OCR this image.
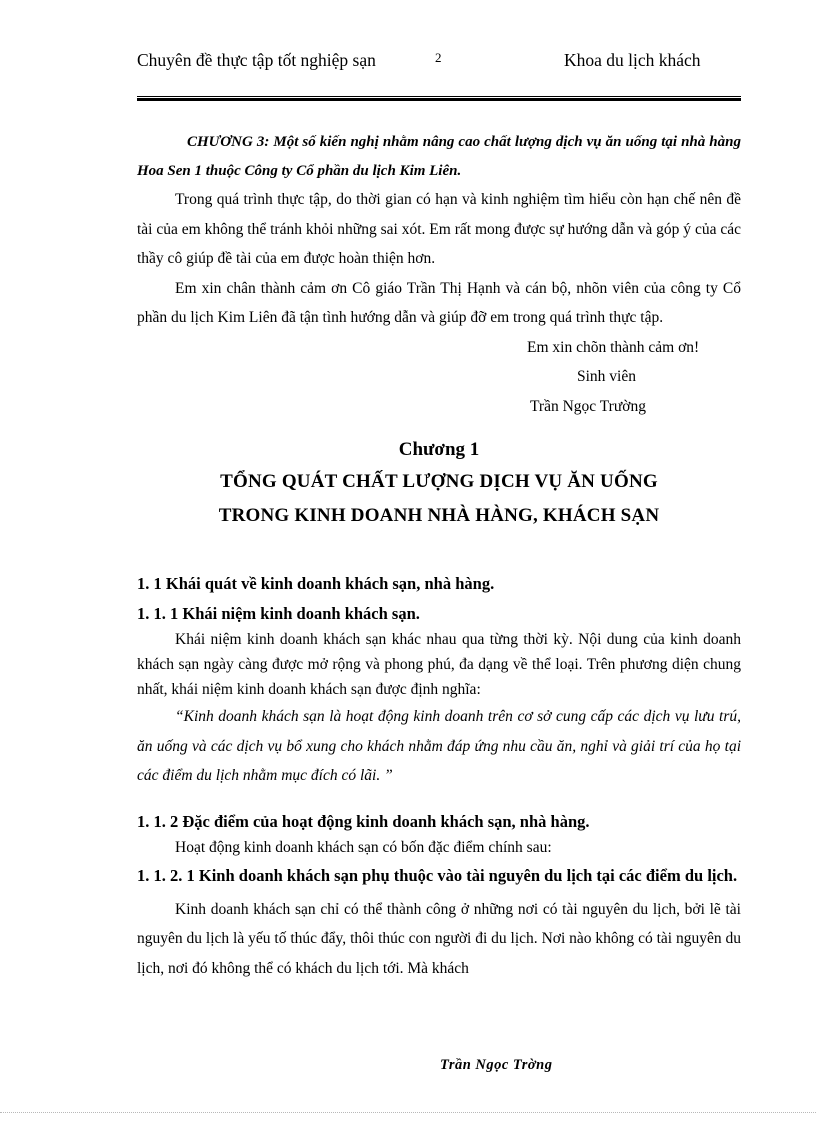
Chuyên đề thực tập tốt nghiệp sạn	2	Khoa du lịch khách

CHƯƠNG 3: Một số kiến nghị nhằm nâng cao chất lượng dịch vụ ăn uống tại nhà hàng Hoa Sen 1 thuộc Công ty Cổ phần du lịch Kim Liên.

Trong quá trình thực tập, do thời gian có hạn và kinh nghiệm tìm hiểu còn hạn chế nên đề tài của em không thể tránh khỏi những sai xót. Em rất mong được sự hướng dẫn và góp ý của các thầy cô giúp đề tài của em được hoàn thiện hơn.

Em xin chân thành cảm ơn Cô giáo Trần Thị Hạnh và cán bộ, nhõn viên của công ty Cổ phần du lịch Kim Liên đã tận tình hướng dẫn và giúp đỡ em trong quá trình thực tập.

Em xin chõn thành cảm ơn!

Sinh viên

Trần Ngọc Trường

Chương 1

TỔNG QUÁT CHẤT LƯỢNG DỊCH VỤ ĂN UỐNG

TRONG KINH DOANH NHÀ HÀNG, KHÁCH SẠN

1. 1 Khái quát về kinh doanh khách sạn, nhà hàng.

1. 1. 1 Khái niệm kinh doanh khách sạn.

Khái niệm kinh doanh khách sạn khác nhau qua từng thời kỳ. Nội dung của kinh doanh khách sạn ngày càng được mở rộng và phong phú, đa dạng về thể loại. Trên phương diện chung nhất, khái niệm kinh doanh khách sạn được định nghĩa:

“Kinh doanh khách sạn là hoạt động kinh doanh trên cơ sở cung cấp các dịch vụ lưu trú, ăn uống và các dịch vụ bổ xung cho khách nhằm đáp ứng nhu cầu ăn, nghỉ và giải trí của họ tại các điểm du lịch nhằm mục đích có lãi. ”

1. 1. 2 Đặc điểm của hoạt động kinh doanh khách sạn, nhà hàng.

Hoạt động kinh doanh khách sạn có bốn đặc điểm chính sau:

1. 1. 2. 1 Kinh doanh khách sạn phụ thuộc vào tài nguyên du lịch tại các điểm du lịch.

Kinh doanh khách sạn chỉ có thể thành công ở những nơi có tài nguyên du lịch, bởi lẽ tài nguyên du lịch là yếu tố thúc đẩy, thôi thúc con người đi du lịch. Nơi nào không có tài nguyên du lịch, nơi đó không thể có khách du lịch tới. Mà khách

Trần Ngọc Trờng
